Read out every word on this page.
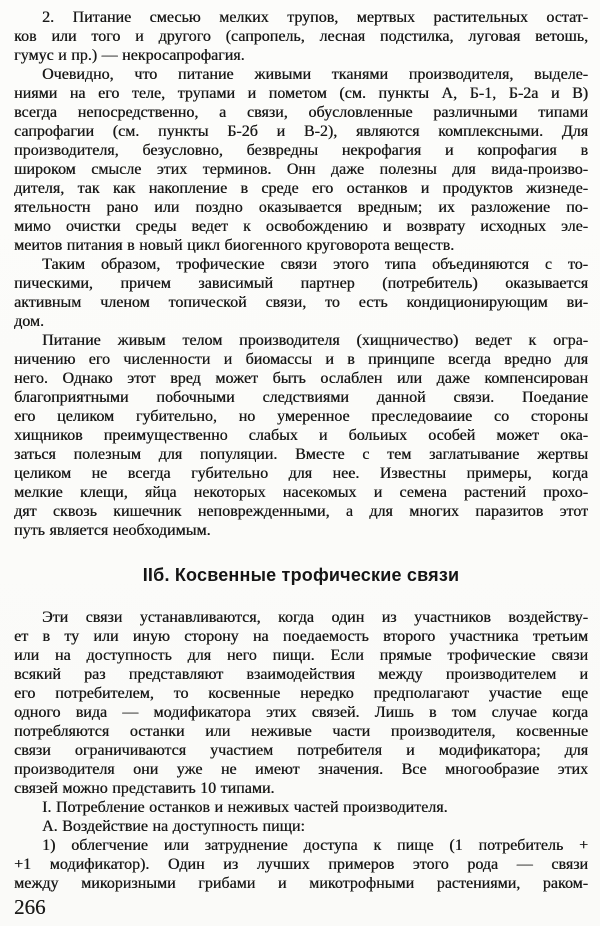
2. Питание смесью мелких трупов, мертвых растительных остат-
ков или того и другого (сапропель, лесная подстилка, луговая ветошь,
гумус и пр.) — некросапрофагия.
Очевидно, что питание живыми тканями производителя, выделе-
ниями на его теле, трупами и пометом (см. пункты А, Б-1, Б-2а и В)
всегда непосредственно, а связи, обусловленные различными типами
сапрофагии (см. пункты Б-2б и В-2), являются комплексными. Для
производителя, безусловно, безвредны некрофагия и копрофагия в
широком смысле этих терминов. Онн даже полезны для вида-произво-
дителя, так как накопление в среде его останков и продуктов жизнеде-
ятельностн рано или поздно оказывается вредным; их разложение по-
мимо очистки среды ведет к освобождению и возврату исходных эле-
меитов питания в новый цикл биогенного круговорота веществ.
Таким образом, трофические связи этого типа объединяются с то-
пическими, причем зависимый партнер (потребитель) оказывается
активным членом топической связи, то есть кондиционирующим ви-
дом.
Питание живым телом производителя (хищничество) ведет к огра-
ничению его численности и биомассы и в принципе всегда вредно для
него. Однако этот вред может быть ослаблен или даже компенсирован
благоприятными побочными следствиями данной связи. Поедание
его целиком губительно, но умеренное преследоваиие со стороны
хищников преимущественно слабых и больиых особей может ока-
заться полезным для популяции. Вместе с тем заглатывание жертвы
целиком не всегда губительно для нее. Известны примеры, когда
мелкие клещи, яйца некоторых насекомых и семена растений прохо-
дят сквозь кишечник неповрежденными, а для многих паразитов этот
путь является необходимым.
IIб. Косвенные трофические связи
Эти связи устанавливаются, когда один из участников воздейству-
ет в ту или иную сторону на поедаемость второго участника третьим
или на доступность для него пищи. Если прямые трофические связи
всякий раз представляют взаимодействия между производителем и
его потребителем, то косвенные нередко предполагают участие еще
одного вида — модификатора этих связей. Лишь в том случае когда
потребляются останки или неживые части производителя, косвенные
связи ограничиваются участием потребителя и модификатора; для
производителя они уже не имеют значения. Все многообразие этих
связей можно представить 10 типами.
I. Потребление останков и неживых частей производителя.
А. Воздействие на доступность пищи:
1) облегчение или затруднение доступа к пище (1 потребитель +
+1 модификатор). Один из лучших примеров этого рода — связи
между микоризными грибами и микотрофными растениями, раком-
266
